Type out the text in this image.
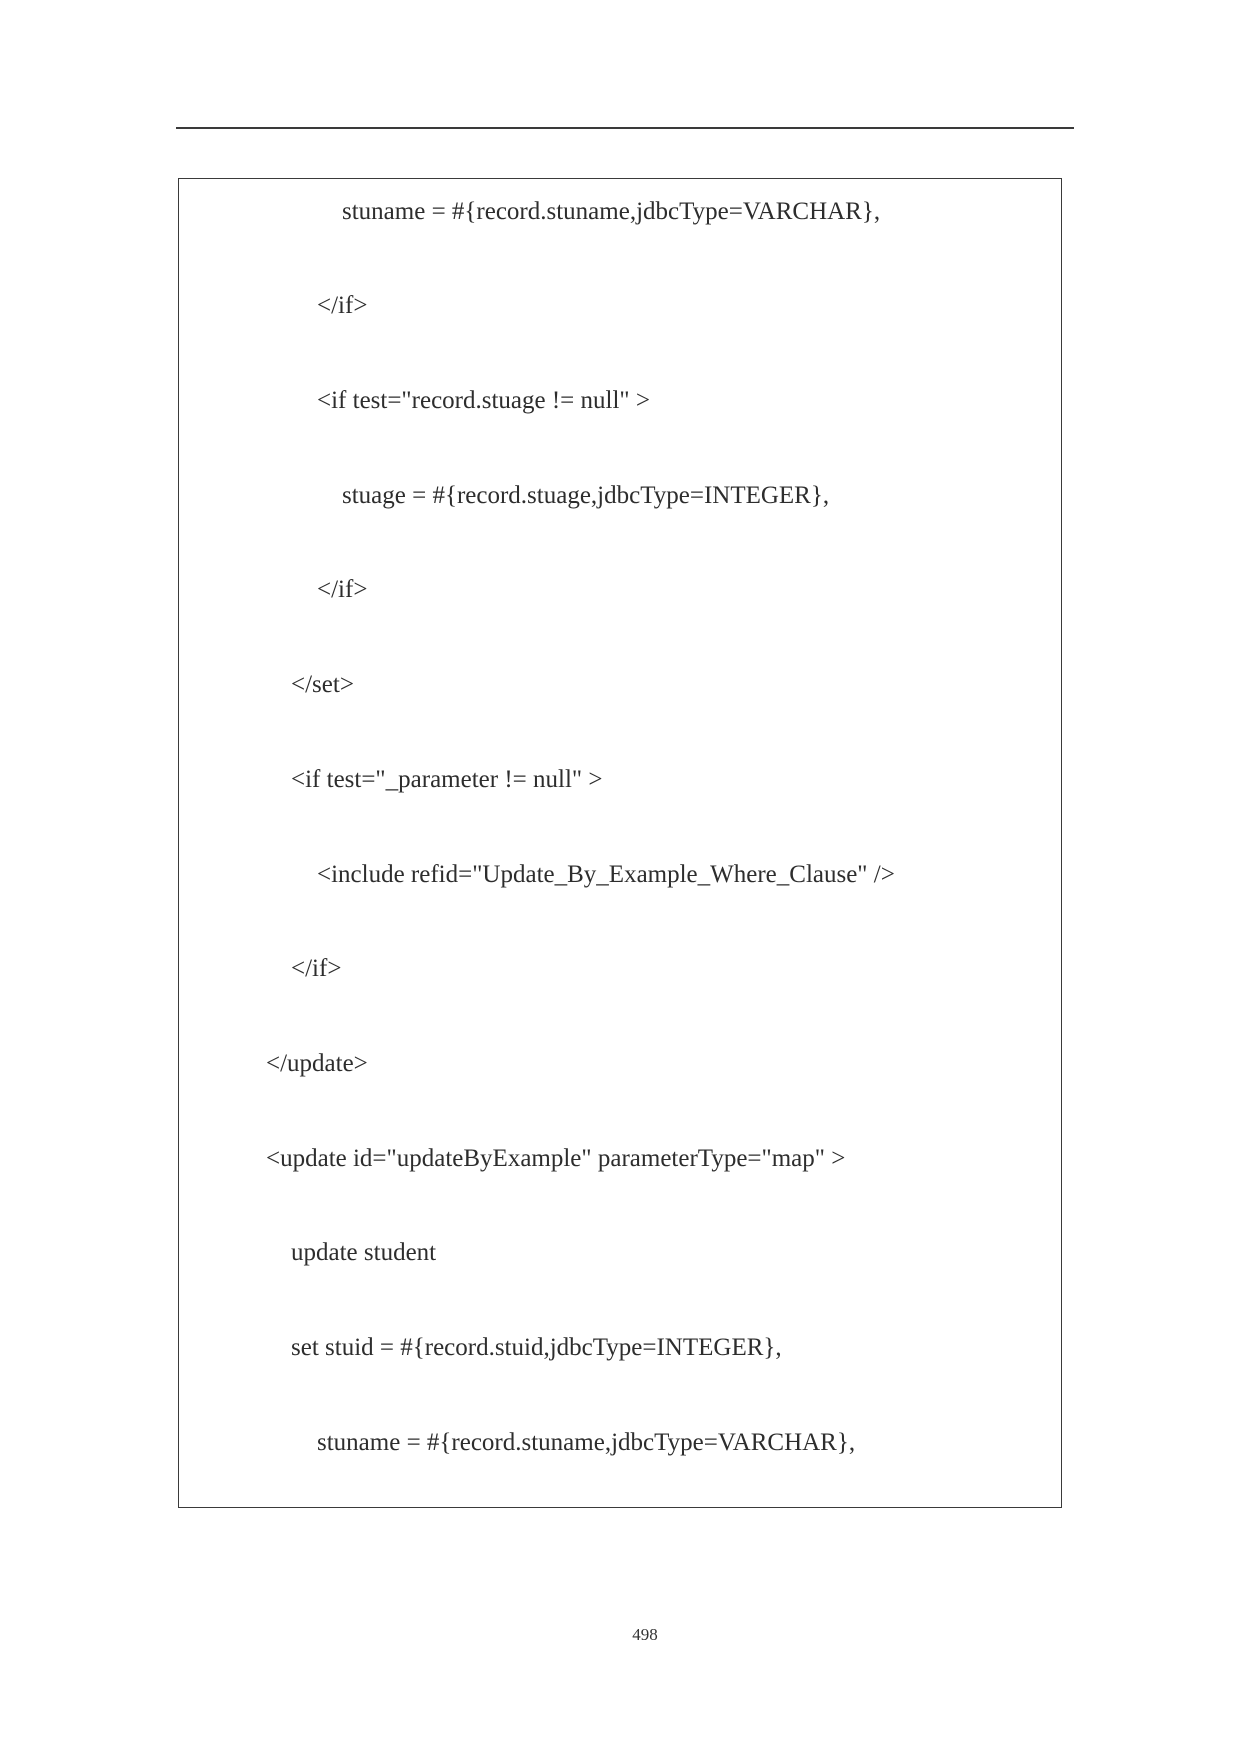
stuname = #{record.stuname,jdbcType=VARCHAR},
</if>
<if test="record.stuage != null" >
stuage = #{record.stuage,jdbcType=INTEGER},
</if>
</set>
<if test="_parameter != null" >
<include refid="Update_By_Example_Where_Clause" />
</if>
</update>
<update id="updateByExample" parameterType="map" >
update student
set stuid = #{record.stuid,jdbcType=INTEGER},
stuname = #{record.stuname,jdbcType=VARCHAR},
498
